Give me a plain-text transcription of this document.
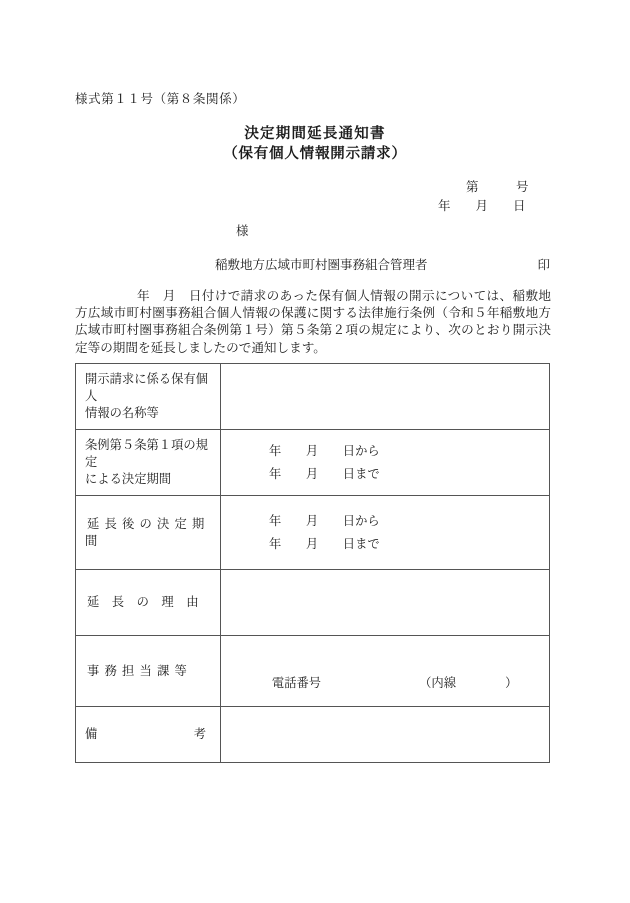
様式第１１号（第８条関係）
決定期間延長通知書
（保有個人情報開示請求）
第　　　号
年　　月　　日
様
稲敷地方広域市町村圏事務組合管理者	印
年　月　日付けで請求のあった保有個人情報の開示については、稲敷地方広域市町村圏事務組合個人情報の保護に関する法律施行条例（令和５年稲敷地方広域市町村圏事務組合条例第１号）第５条第２項の規定により、次のとおり開示決定等の期間を延長しましたので通知します。
開示請求に係る保有個人
情報の名称等	

条例第５条第１項の規定
による決定期間	年　　月　　日から
年　　月　　日まで

延長後の決定期間	年　　月　　日から
年　　月　　日まで

延長の理由	

事務担当課等	電話番号 （内線　　　　）

備 考	
